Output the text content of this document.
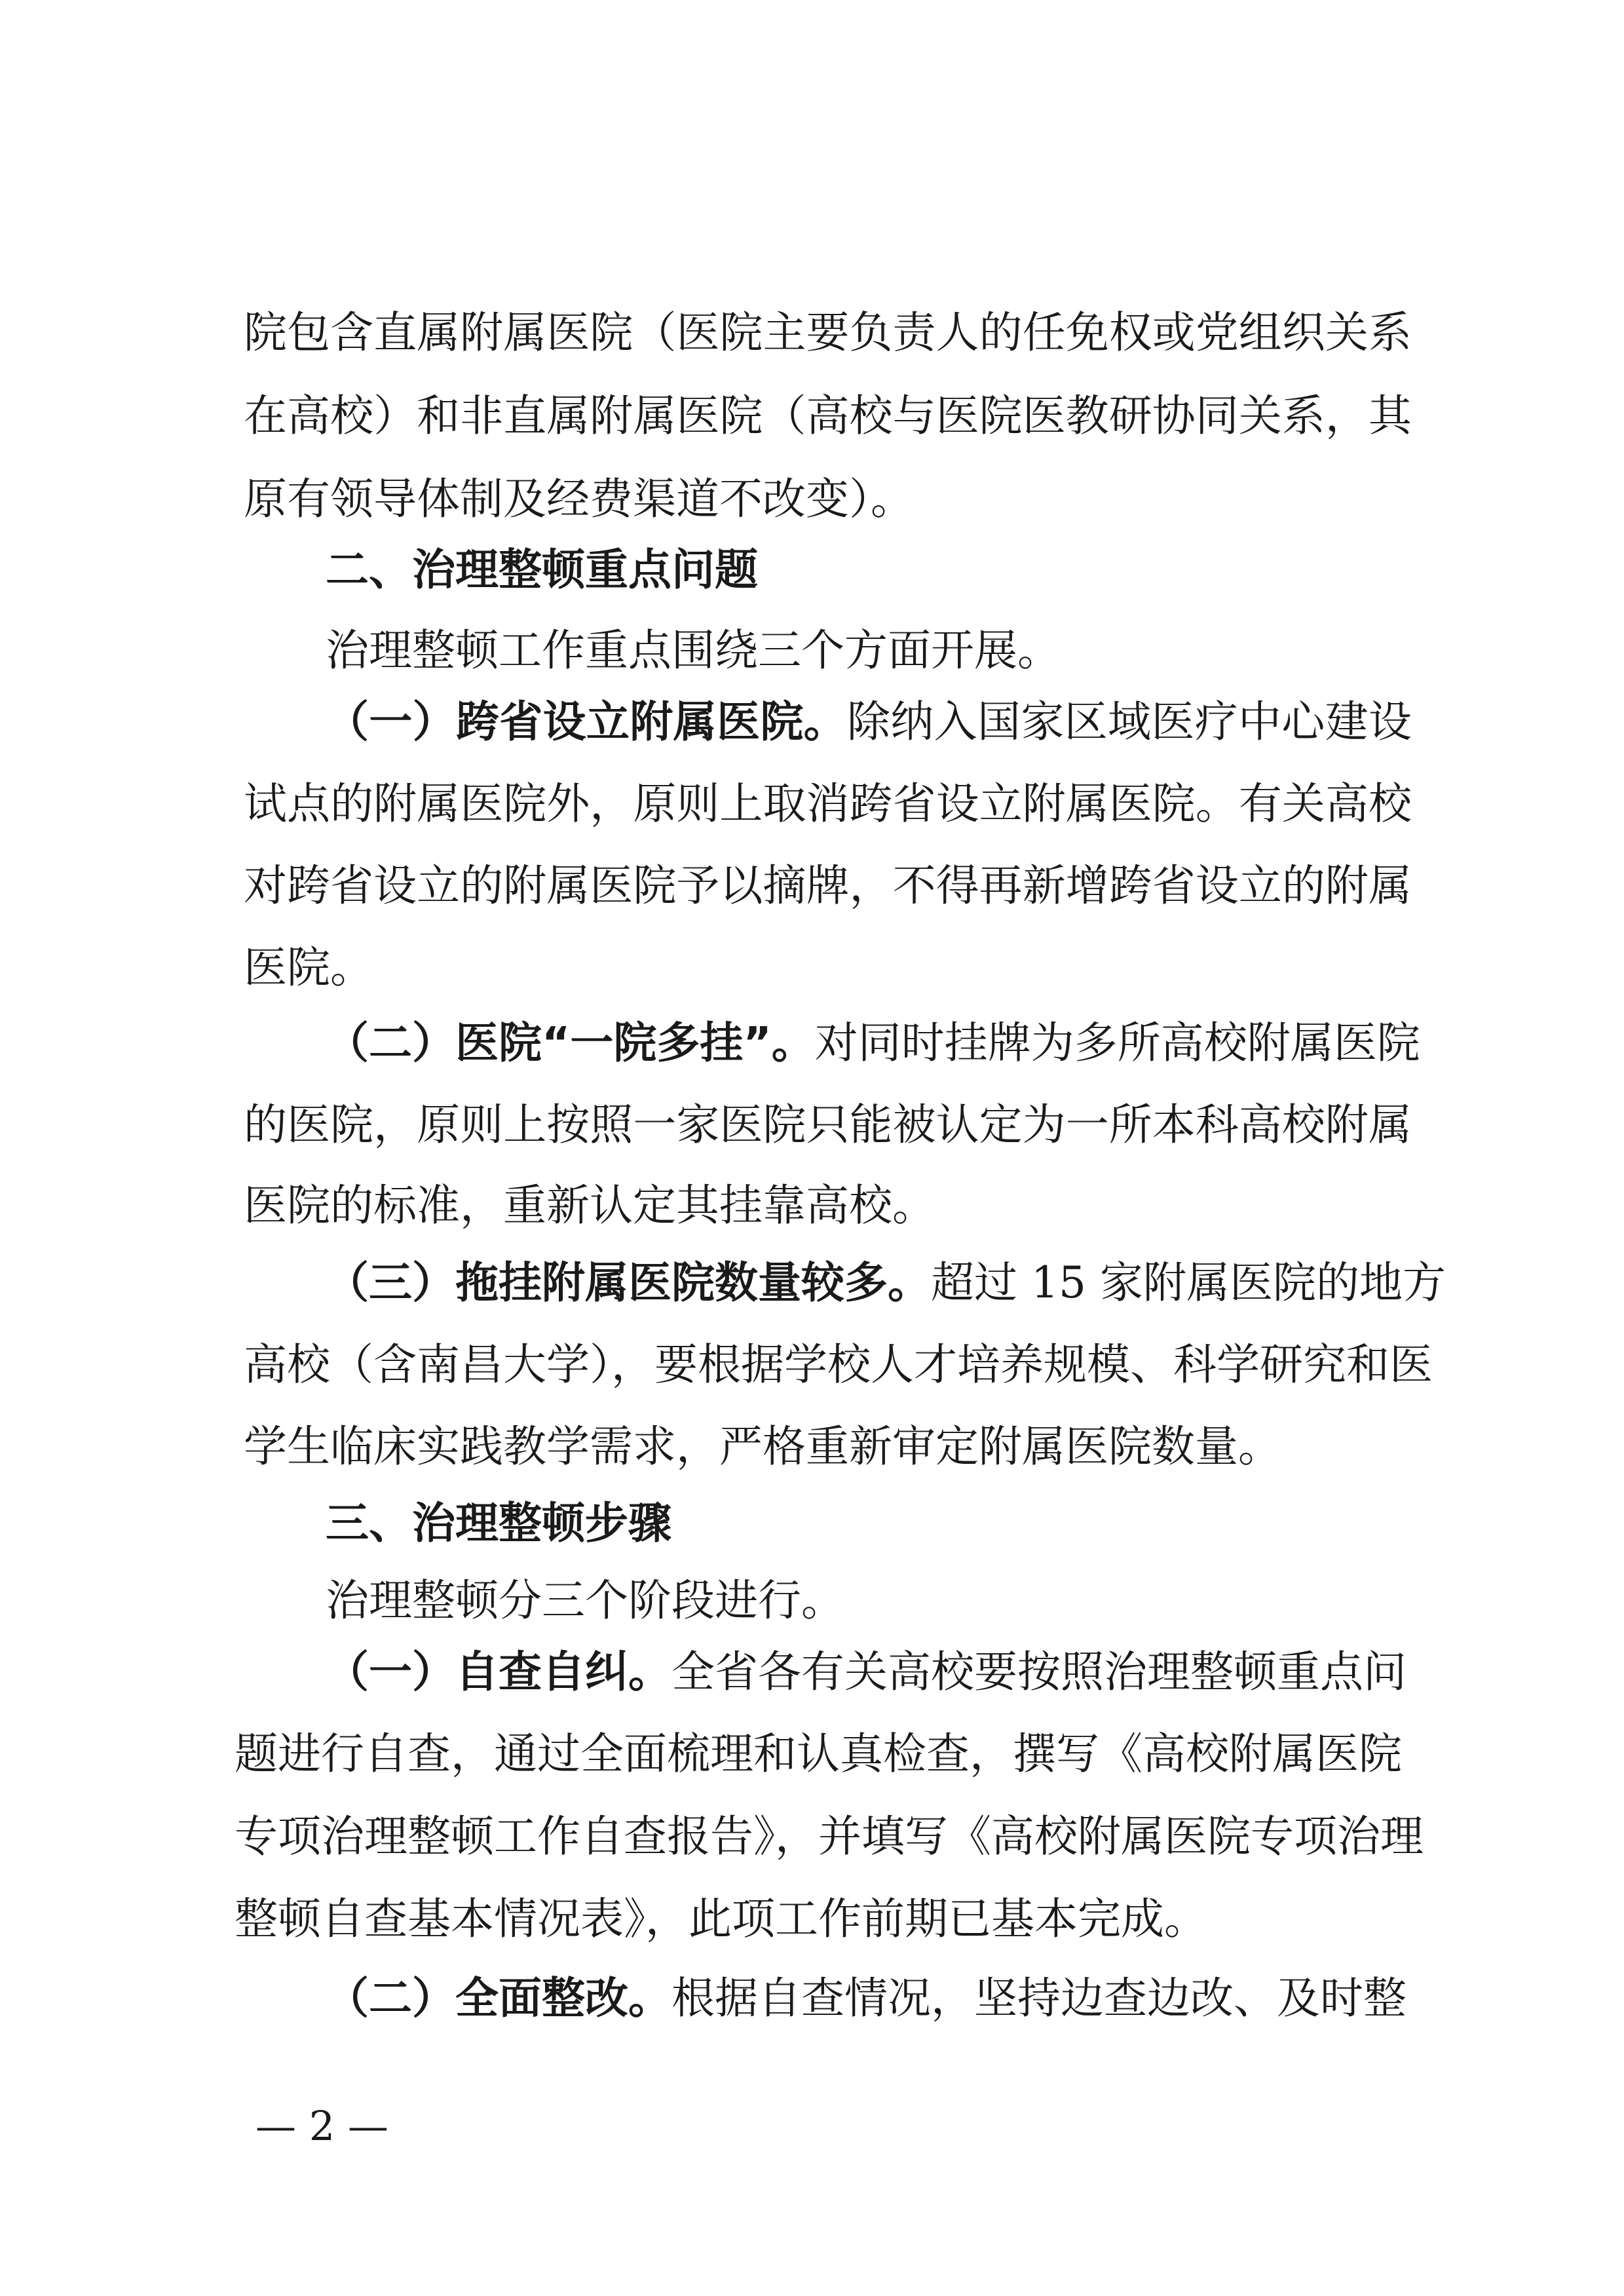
院包含直属附属医院（医院主要负责人的任免权或党组织关系
在高校）和非直属附属医院（高校与医院医教研协同关系，其
原有领导体制及经费渠道不改变）。
二、治理整顿重点问题
治理整顿工作重点围绕三个方面开展。
（一）跨省设立附属医院。除纳入国家区域医疗中心建设
试点的附属医院外，原则上取消跨省设立附属医院。有关高校
对跨省设立的附属医院予以摘牌，不得再新增跨省设立的附属
医院。
（二）医院“一院多挂”。对同时挂牌为多所高校附属医院
的医院，原则上按照一家医院只能被认定为一所本科高校附属
医院的标准，重新认定其挂靠高校。
（三）拖挂附属医院数量较多。超过 15 家附属医院的地方
高校（含南昌大学），要根据学校人才培养规模、科学研究和医
学生临床实践教学需求，严格重新审定附属医院数量。
三、治理整顿步骤
治理整顿分三个阶段进行。
（一）自查自纠。全省各有关高校要按照治理整顿重点问
题进行自查，通过全面梳理和认真检查，撰写《高校附属医院
专项治理整顿工作自查报告》，并填写《高校附属医院专项治理
整顿自查基本情况表》，此项工作前期已基本完成。
（二）全面整改。根据自查情况，坚持边查边改、及时整
— 2 —
